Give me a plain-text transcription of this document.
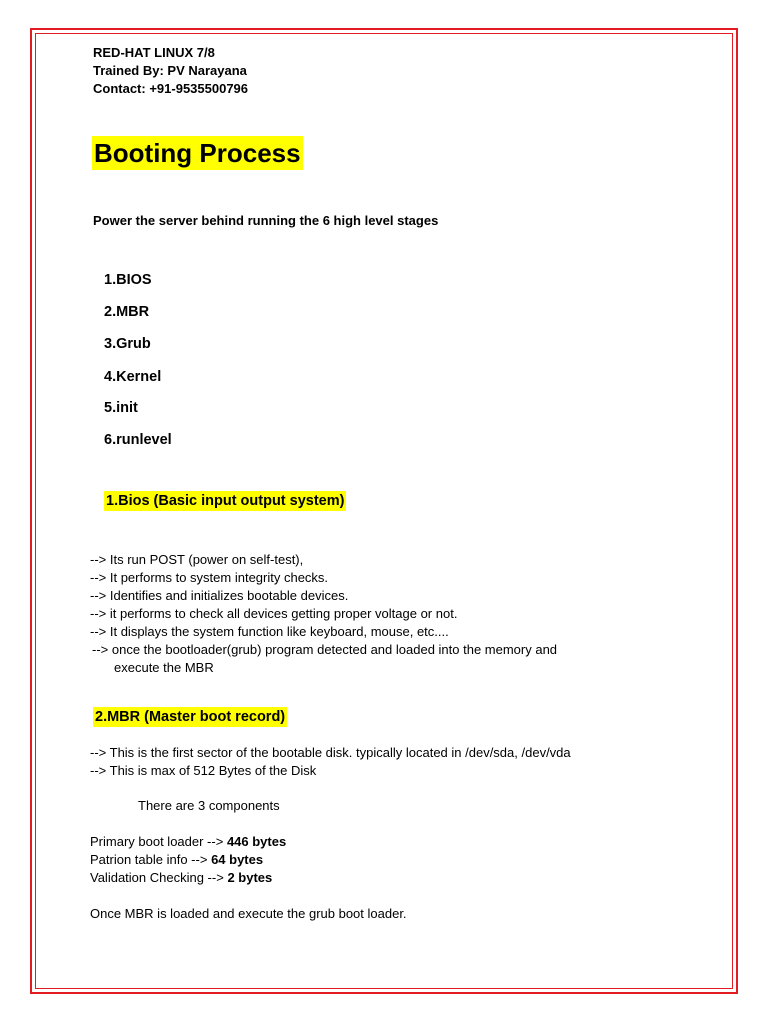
RED-HAT LINUX 7/8
Trained By: PV Narayana
Contact: +91-9535500796
Booting Process
Power the server behind running the 6 high level stages
1.BIOS
2.MBR
3.Grub
4.Kernel
5.init
6.runlevel
1.Bios (Basic input output system)
--> Its run POST (power on self-test),
--> It performs to system integrity checks.
--> Identifies and initializes bootable devices.
--> it performs to check all devices getting proper voltage or not.
--> It displays the system function like keyboard, mouse, etc....
--> once the bootloader(grub) program detected and loaded into the memory and
execute the MBR
2.MBR (Master boot record)
--> This is the first sector of the bootable disk. typically located in /dev/sda, /dev/vda
--> This is max of 512 Bytes of the Disk
There are 3 components
Primary boot loader --> 446 bytes
Patrion table info --> 64 bytes
Validation Checking --> 2 bytes
Once MBR is loaded and execute the grub boot loader.
